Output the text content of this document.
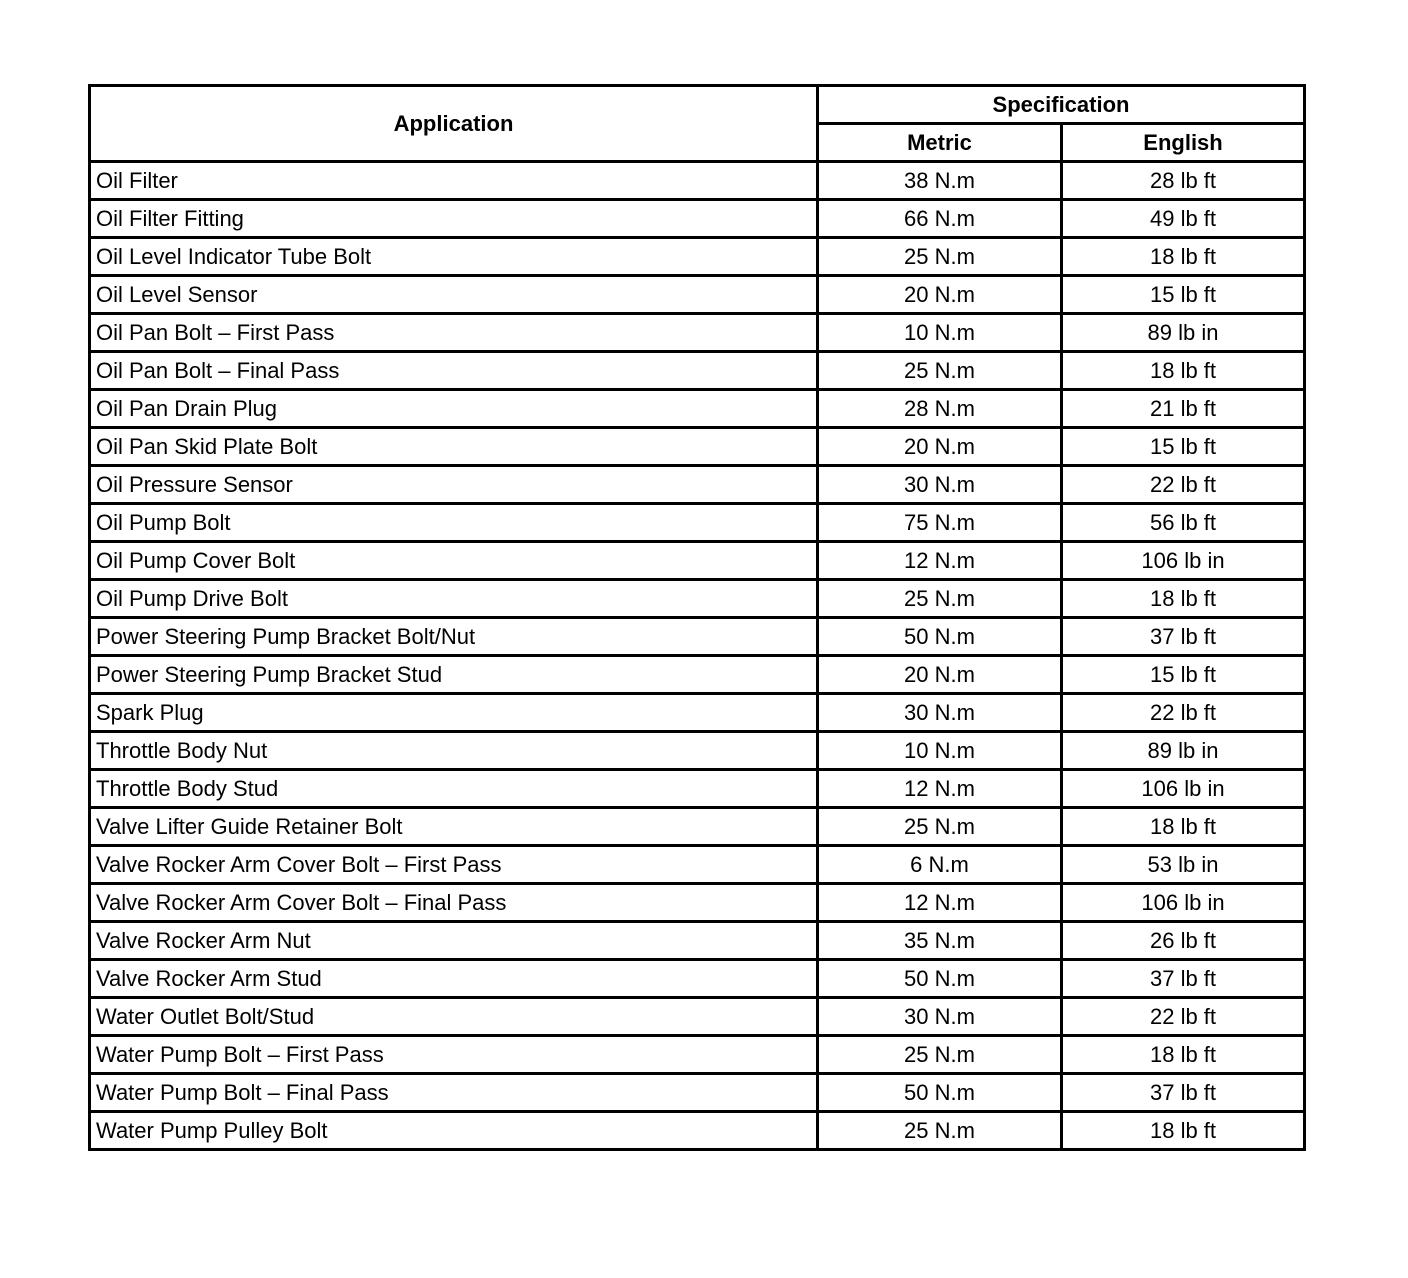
Application	Specification	
	Metric	English
Oil Filter	38 N.m	28 lb ft
Oil Filter Fitting	66 N.m	49 lb ft
Oil Level Indicator Tube Bolt	25 N.m	18 lb ft
Oil Level Sensor	20 N.m	15 lb ft
Oil Pan Bolt – First Pass	10 N.m	89 lb in
Oil Pan Bolt – Final Pass	25 N.m	18 lb ft
Oil Pan Drain Plug	28 N.m	21 lb ft
Oil Pan Skid Plate Bolt	20 N.m	15 lb ft
Oil Pressure Sensor	30 N.m	22 lb ft
Oil Pump Bolt	75 N.m	56 lb ft
Oil Pump Cover Bolt	12 N.m	106 lb in
Oil Pump Drive Bolt	25 N.m	18 lb ft
Power Steering Pump Bracket Bolt/Nut	50 N.m	37 lb ft
Power Steering Pump Bracket Stud	20 N.m	15 lb ft
Spark Plug	30 N.m	22 lb ft
Throttle Body Nut	10 N.m	89 lb in
Throttle Body Stud	12 N.m	106 lb in
Valve Lifter Guide Retainer Bolt	25 N.m	18 lb ft
Valve Rocker Arm Cover Bolt – First Pass	6 N.m	53 lb in
Valve Rocker Arm Cover Bolt – Final Pass	12 N.m	106 lb in
Valve Rocker Arm Nut	35 N.m	26 lb ft
Valve Rocker Arm Stud	50 N.m	37 lb ft
Water Outlet Bolt/Stud	30 N.m	22 lb ft
Water Pump Bolt – First Pass	25 N.m	18 lb ft
Water Pump Bolt – Final Pass	50 N.m	37 lb ft
Water Pump Pulley Bolt	25 N.m	18 lb ft
